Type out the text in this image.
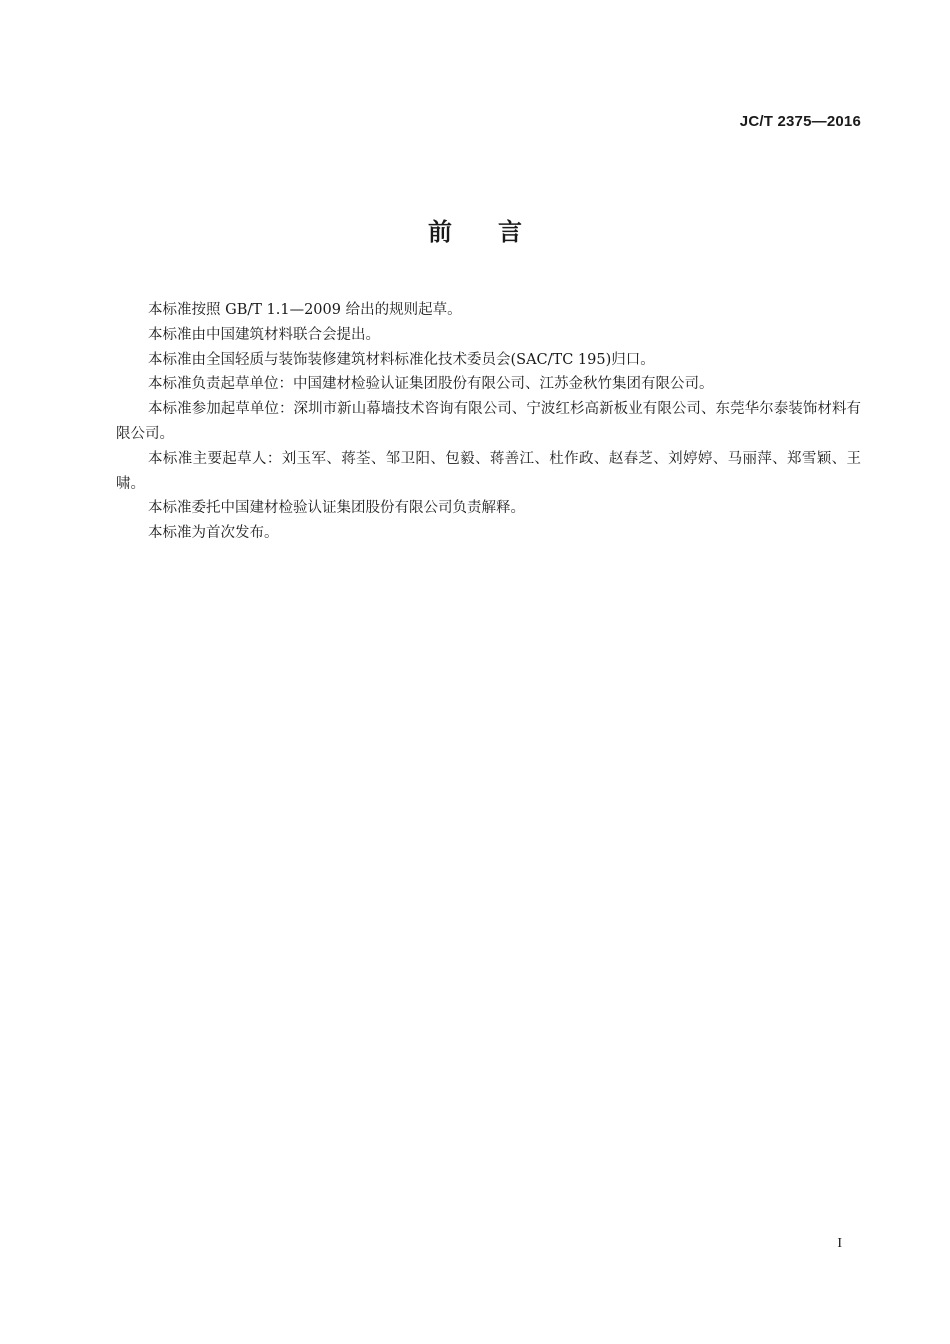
JC/T 2375—2016
前 言

本标准按照 GB/T 1.1—2009 给出的规则起草。

本标准由中国建筑材料联合会提出。

本标准由全国轻质与装饰装修建筑材料标准化技术委员会(SAC/TC 195)归口。

本标准负责起草单位：中国建材检验认证集团股份有限公司、江苏金秋竹集团有限公司。

本标准参加起草单位：深圳市新山幕墙技术咨询有限公司、宁波红杉高新板业有限公司、东莞华尔泰装饰材料有限公司。

本标准主要起草人：刘玉军、蒋荃、邹卫阳、包毅、蒋善江、杜作政、赵春芝、刘婷婷、马丽萍、郑雪颖、王啸。

本标准委托中国建材检验认证集团股份有限公司负责解释。

本标准为首次发布。

I
